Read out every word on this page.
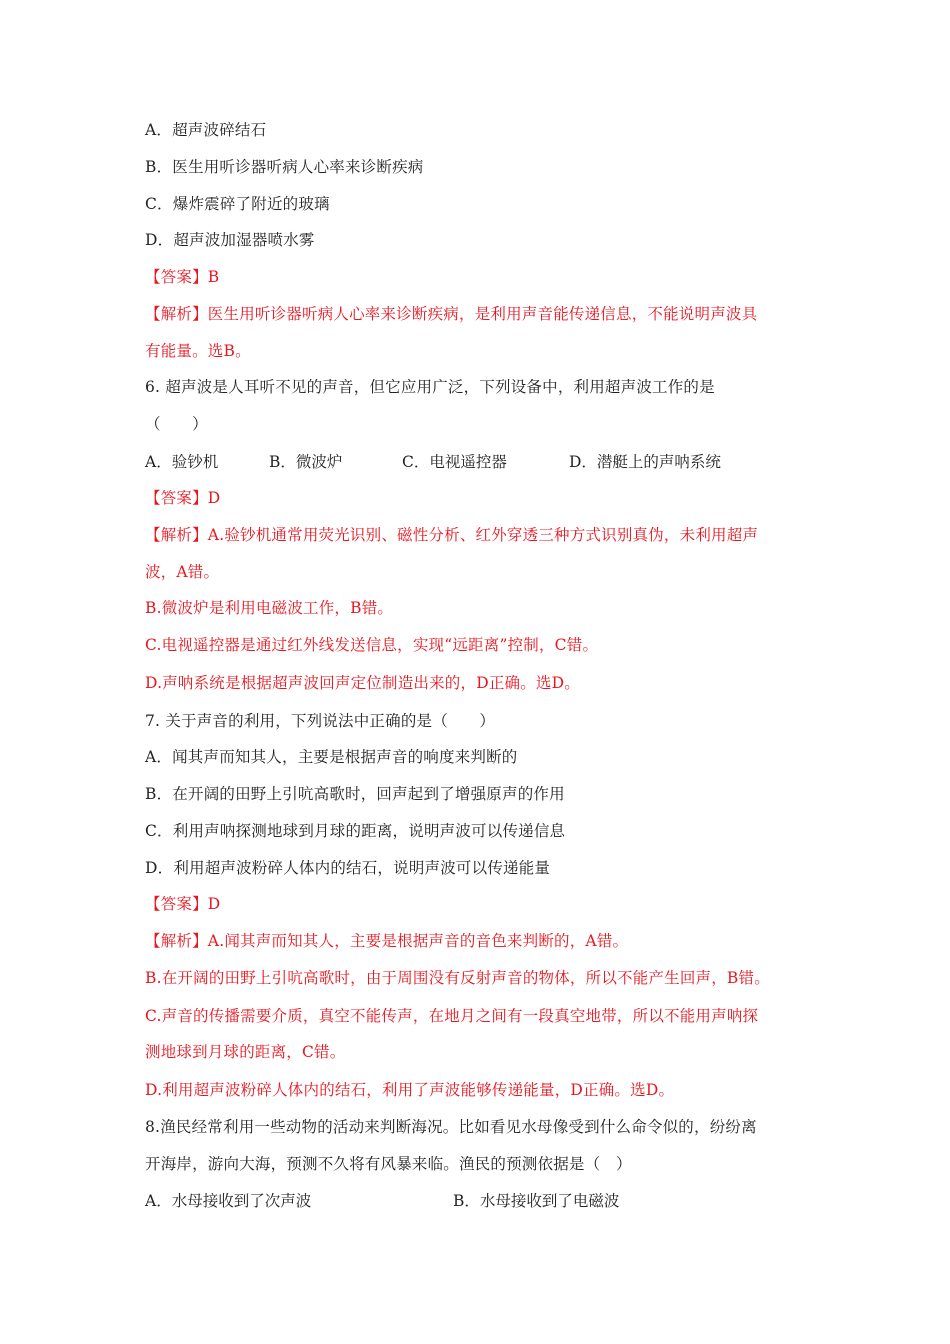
A．超声波碎结石
B．医生用听诊器听病人心率来诊断疾病
C．爆炸震碎了附近的玻璃
D．超声波加湿器喷水雾
【答案】B
【解析】医生用听诊器听病人心率来诊断疾病，是利用声音能传递信息，不能说明声波具
有能量。选B。
6. 超声波是人耳听不见的声音，但它应用广泛，下列设备中，利用超声波工作的是
（　　）
A．验钞机	B．微波炉	C．电视遥控器	D．潜艇上的声呐系统
【答案】D
【解析】A.验钞机通常用荧光识别、磁性分析、红外穿透三种方式识别真伪，未利用超声
波，A错。
B.微波炉是利用电磁波工作，B错。
C.电视遥控器是通过红外线发送信息，实现“远距离”控制，C错。
D.声呐系统是根据超声波回声定位制造出来的，D正确。选D。
7. 关于声音的利用，下列说法中正确的是（　　）
A．闻其声而知其人，主要是根据声音的响度来判断的
B．在开阔的田野上引吭高歌时，回声起到了增强原声的作用
C．利用声呐探测地球到月球的距离，说明声波可以传递信息
D．利用超声波粉碎人体内的结石，说明声波可以传递能量
【答案】D
【解析】A.闻其声而知其人，主要是根据声音的音色来判断的，A错。
B.在开阔的田野上引吭高歌时，由于周围没有反射声音的物体，所以不能产生回声，B错。
C.声音的传播需要介质，真空不能传声，在地月之间有一段真空地带，所以不能用声呐探
测地球到月球的距离，C错。
D.利用超声波粉碎人体内的结石，利用了声波能够传递能量，D正确。选D。
8.渔民经常利用一些动物的活动来判断海况。比如看见水母像受到什么命令似的，纷纷离
开海岸，游向大海，预测不久将有风暴来临。渔民的预测依据是（　）
A．水母接收到了次声波	B．水母接收到了电磁波
